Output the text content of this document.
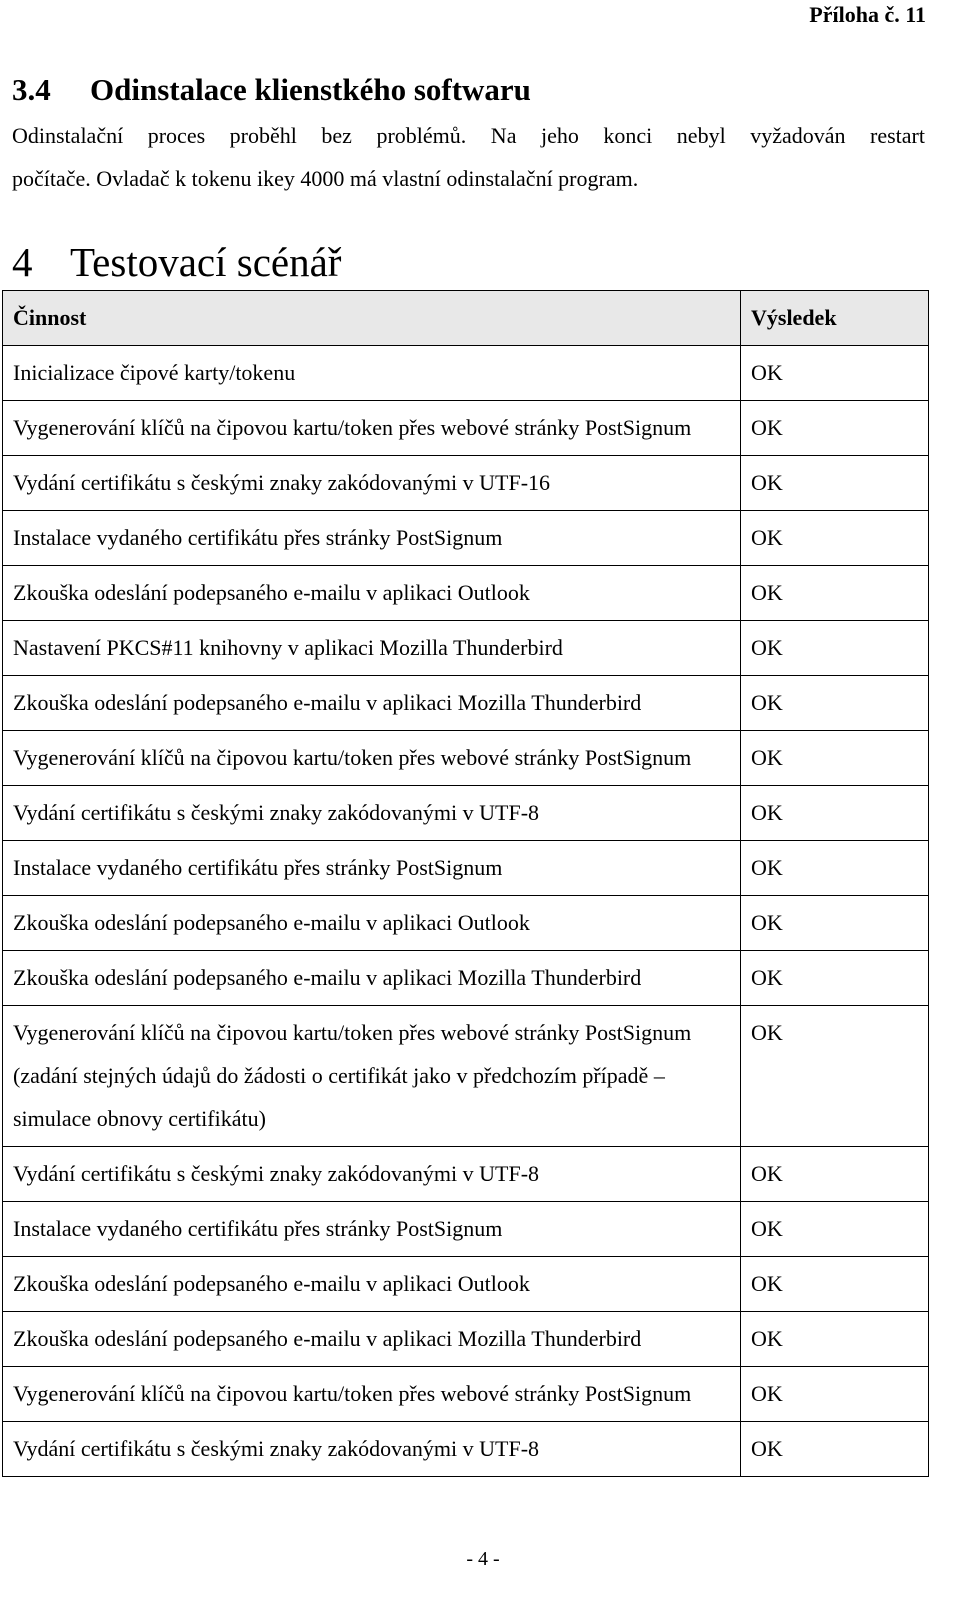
Příloha č. 11
3.4 Odinstalace klienstkého softwaru
Odinstalační proces proběhl bez problémů. Na jeho konci nebyl vyžadován restart
počítače. Ovladač k tokenu ikey 4000 má vlastní odinstalační program.
4 Testovací scénář
Činnost	Výsledek
Inicializace čipové karty/tokenu	OK
Vygenerování klíčů na čipovou kartu/token přes webové stránky PostSignum	OK
Vydání certifikátu s českými znaky zakódovanými v UTF-16	OK
Instalace vydaného certifikátu přes stránky PostSignum	OK
Zkouška odeslání podepsaného e-mailu v aplikaci Outlook	OK
Nastavení PKCS#11 knihovny v aplikaci Mozilla Thunderbird	OK
Zkouška odeslání podepsaného e-mailu v aplikaci Mozilla Thunderbird	OK
Vygenerování klíčů na čipovou kartu/token přes webové stránky PostSignum	OK
Vydání certifikátu s českými znaky zakódovanými v UTF-8	OK
Instalace vydaného certifikátu přes stránky PostSignum	OK
Zkouška odeslání podepsaného e-mailu v aplikaci Outlook	OK
Zkouška odeslání podepsaného e-mailu v aplikaci Mozilla Thunderbird	OK
Vygenerování klíčů na čipovou kartu/token přes webové stránky PostSignum (zadání stejných údajů do žádosti o certifikát jako v předchozím případě – simulace obnovy certifikátu)	OK
Vydání certifikátu s českými znaky zakódovanými v UTF-8	OK
Instalace vydaného certifikátu přes stránky PostSignum	OK
Zkouška odeslání podepsaného e-mailu v aplikaci Outlook	OK
Zkouška odeslání podepsaného e-mailu v aplikaci Mozilla Thunderbird	OK
Vygenerování klíčů na čipovou kartu/token přes webové stránky PostSignum	OK
Vydání certifikátu s českými znaky zakódovanými v UTF-8	OK
- 4 -
